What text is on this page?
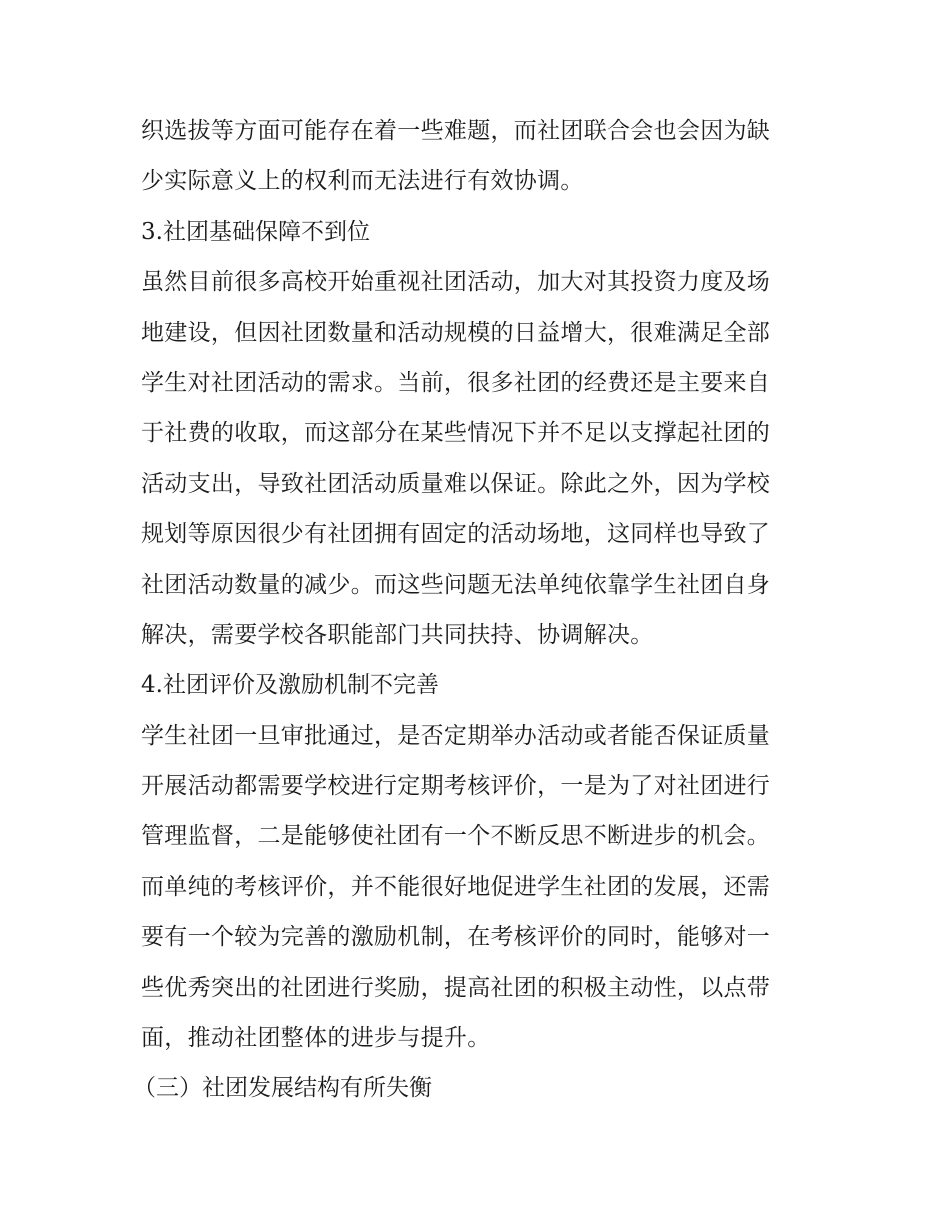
织选拔等方面可能存在着一些难题，而社团联合会也会因为缺
少实际意义上的权利而无法进行有效协调。
3.社团基础保障不到位
虽然目前很多高校开始重视社团活动，加大对其投资力度及场
地建设，但因社团数量和活动规模的日益增大，很难满足全部
学生对社团活动的需求。当前，很多社团的经费还是主要来自
于社费的收取，而这部分在某些情况下并不足以支撑起社团的
活动支出，导致社团活动质量难以保证。除此之外，因为学校
规划等原因很少有社团拥有固定的活动场地，这同样也导致了
社团活动数量的减少。而这些问题无法单纯依靠学生社团自身
解决，需要学校各职能部门共同扶持、协调解决。
4.社团评价及激励机制不完善
学生社团一旦审批通过，是否定期举办活动或者能否保证质量
开展活动都需要学校进行定期考核评价，一是为了对社团进行
管理监督，二是能够使社团有一个不断反思不断进步的机会。
而单纯的考核评价，并不能很好地促进学生社团的发展，还需
要有一个较为完善的激励机制，在考核评价的同时，能够对一
些优秀突出的社团进行奖励，提高社团的积极主动性，以点带
面，推动社团整体的进步与提升。
（三）社团发展结构有所失衡
